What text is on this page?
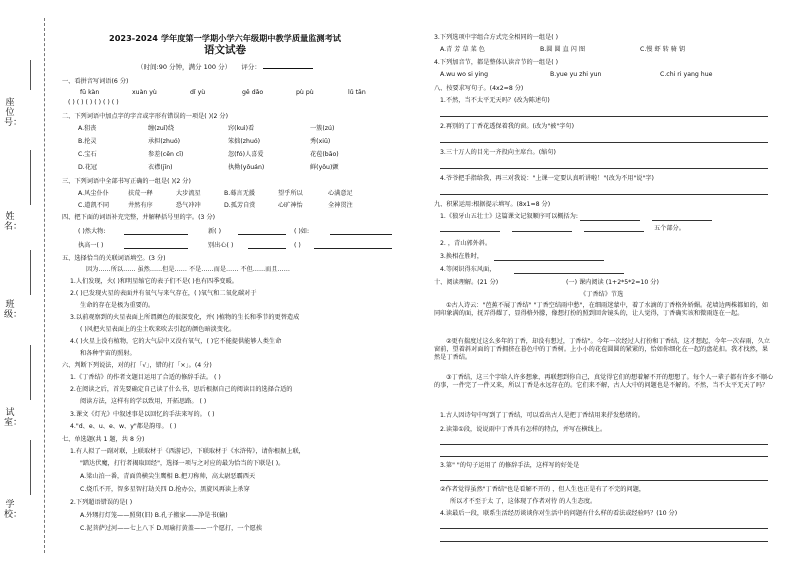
座位号：
姓名：
班级：
试室：
学校：
2023-2024 学年度第一学期小学六年级期中教学质量监测考试
语文试卷
（时间:90 分钟，满分 100 分） 评分：
一、看拼音写词语(6 分)
fū kàn	xuàn yù	dǐ yù	gě dǎo	pù pù	lǔ tān
( ) ( ) ( ) ( ) ( ) ( )
二、下列词语中加点字的字音或字形有错误的一项是( )(2 分)
A.狙丧	缠(zuǐ)绕	窍(kuì)看	一簇(zú)
B.抡灵	承担(zhuó)	笨拙(zhuó)	秀(xiū)
C.宝石	参差(cēn cī)	忽(fó)人喜爱	花苞(bāo)
D.花冠	衣襟(jīn)	执拗(yōuán)	鲜(yōu)颤
三、下列词语中全部书写正确的一组是( )(2 分)
A.风尘仆仆	扶荒一释	大步流星	B.蓦言无援	望乎所以	心满意足
C.道凯不同	井然有序	恐气冲冲	D.孤芳自赏	心旷神怡	全神贯注
四、把下面的词语补充完整，并解释括号里的字。(3 分)
( )然大物:	新( )	( )如:
执高一( )	别出心( )	( )
五、选择恰当的关联词语填空。(3 分)
因为……所以…… 虽然……但是…… 不是……而是…… 不但……而且……
1.人们发现，火( )和明星缩它的表子们不是( )也有四季变暖。
2.( )已发现火星的表面并有氧气与来气存在，( )氧气和二氧化碳对于
生命的存在是极为重要的。
3.以前观察到的火星表面上所谓颜色的很深变化，并( )植物的生长和季节的更替造成
( )风把火星表面上的尘土吹来吹去引起的颜色暗淡变化。
4.( )火星上没有植物，它的大气层中又没有氧气，( )它不能提供能够人类生命
和各种宇宙的照射。
六、判断下列说法，对的打「√」，错的打「×」。(4 分)
1.《丁香结》的作者文题目运用了合适的修辞手法。 ( )
2.在阅读之后，首先要确定自己读了什么书，思后根据自己的阅读目的选择合适的
阅读方法，这样有的学以致用，开拓思路。 ( )
3.课文《灯光》中叙述事是以回忆的手法来写的。 ( )
4."d、e、u、e、w、y"都是韵母。 ( )
七、单选题(共 1 题，共 8 分)
1.有人拟了一副对联，上联取材于《西游记》，下联取材于《水浒传》，请你根据上联，
"踏达伏魔，打行者揭取回经"，选择一项与之对应的最为恰当的下联是( )。
A.梁山泊一番，青面兽横尖生鹰相 B.把刀称帅，高太尉恶霸西天
C.烧爪不开，智多星智打劫关四 D.抢办公，黑旋风再读上杀穿
2.下列超语错误的是( )
A.外甥打灯笼——照舅(旧) B.孔子搬家——净是书(输)
C.泥菩萨过河——七上八下 D.周瑜打黄盖——一个愿打，一个愿挨
3.下列选项中字组合方式完全相同的一组是( )
A.青 芳 草 菜 色	B.圆 圆 直 闪 图	C.慢 虾 转 骑 钥
4.下列加音节，都是整体认读音节的一组是( )
A.wu wo si ying	B.yue yu zhi yun	C.chi ri yang hue
八、按要求写句子。(4x2=8 分)
1.不然，当不太平无天吗？(改为陈述句)
2.再别的了丁香花透保着我的窗。(改为"被"字句)
3.三十万人的目光一齐投向主席台。(缩句)
4.爷爷把手指给我，再三对我说："上课一定要认真听讲啦！"(改为不用"说"字)
九、积累运用:根据提示填写。(8x1=8 分)
1.《狼牙山五壮士》这篇课文记叙顺序可以概括为:
五个部分。
2. ，青山郭外斜。
3.换相在胜时，
4.等闲识得东风面，
十、阅读理解。(21 分)	(一) 课内阅读 (1+2*5*2=10 分)
《丁香结》节选
①古人诗云："芭蕉不展丁香结" "丁香空结雨中愁"，在细雨迷蒙中，着了水滴的丁香格外娇媚。花墙边两株都如的，如同印象满的面，抚弄得耀了，显得格外朦，像想打扮的照到回舍镜头的，让人觉得，丁香确实该和微雨连在一起。
②更有揣度过这么多年的丁香，却没有想过，丁香结"。今年一次经过人打扮和丁香结，这才想起，今年一次春雨，久立窗前，望着斜对面的丁香拥挤在暮色中的丁香树。上小小的花苞圆圆的紧紧的，恰如你细化在一起的盘花扣。我才找然，果然是丁香结。
③丁香结，这三个字给人许多想象，再联想到你自己，真觉得它们的想着解不开的想想了。每个人一辈子都有许多不顺心的事，一件完了一件又来，所以丁香是永远存在的。它们来不解，古人大中的问题也是不解的。不然，当不太平无天了吗？
1.古人因诗句中写到了丁香结，可以看出古人是把丁香结用来抒发愁绪的。
2.读第①段，说说雨中丁香具有怎样的特点，并写在横线上。
3.第" "的句子运用了 的修辞手法，这样写的好处是
②作者觉得虽然"丁香结"也是看解不开的 ，但人生也正是有了不完的问题，
所以才不至于太 了，这体现了作者对待 的人生态度。
4.读最后一段，联系生活经历谈谈你对生活中的问题有什么样的看法或经验吗？(10 分)
